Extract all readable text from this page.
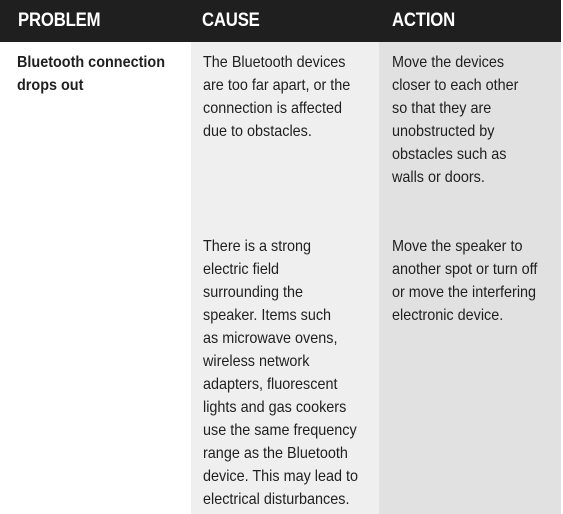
PROBLEM	CAUSE	ACTION
Bluetooth connection
drops out
The Bluetooth devices
are too far apart, or the
connection is affected
due to obstacles.
Move the devices
closer to each other
so that they are
unobstructed by
obstacles such as
walls or doors.
There is a strong
electric field
surrounding the
speaker. Items such
as microwave ovens,
wireless network
adapters, fluorescent
lights and gas cookers
use the same frequency
range as the Bluetooth
device. This may lead to
electrical disturbances.
Move the speaker to
another spot or turn off
or move the interfering
electronic device.
